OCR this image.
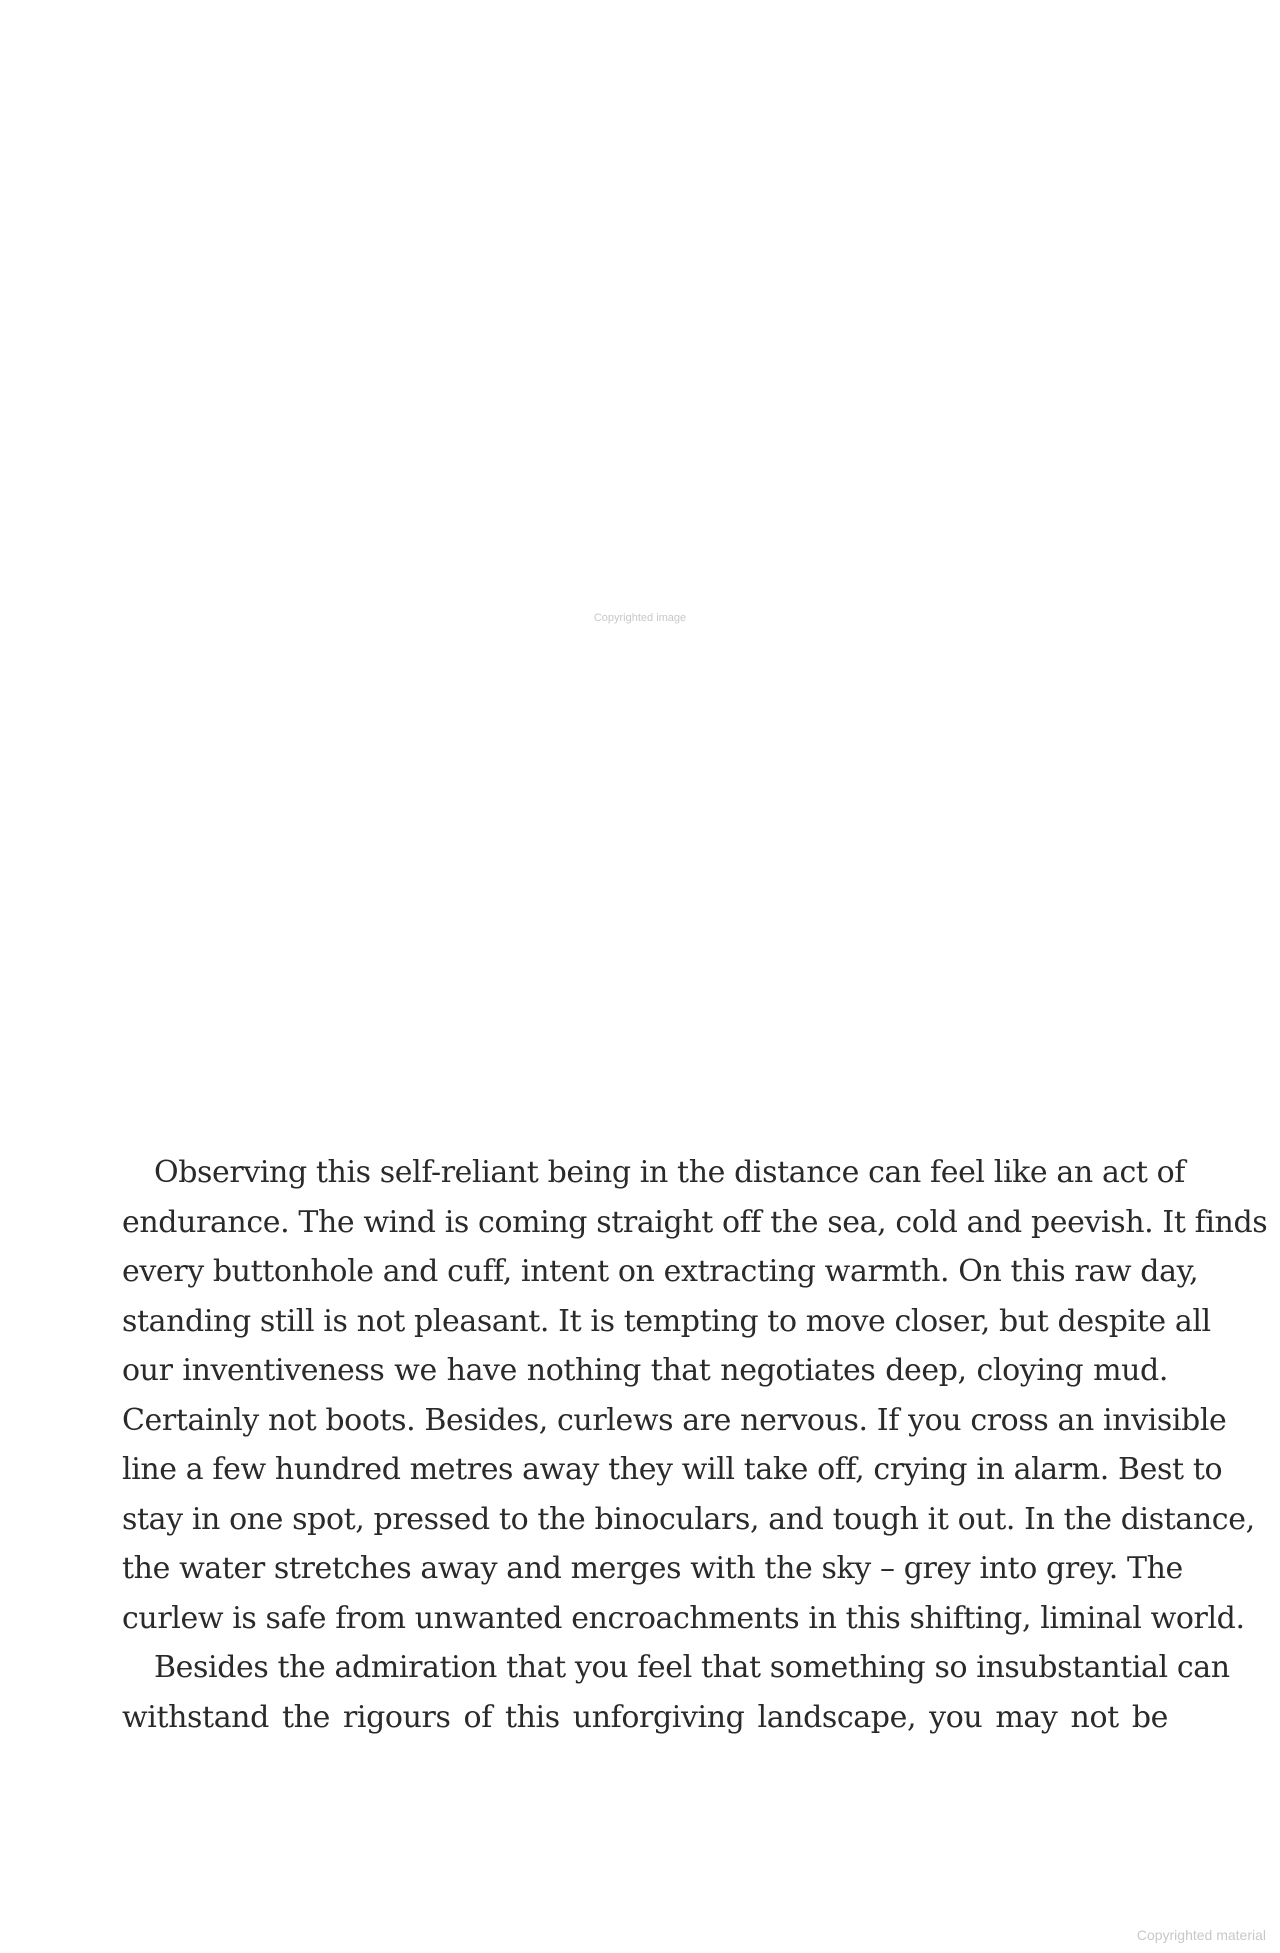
Copyrighted image
Observing this self-reliant being in the distance can feel like an act of
endurance. The wind is coming straight off the sea, cold and peevish. It finds
every buttonhole and cuff, intent on extracting warmth. On this raw day,
standing still is not pleasant. It is tempting to move closer, but despite all
our inventiveness we have nothing that negotiates deep, cloying mud.
Certainly not boots. Besides, curlews are nervous. If you cross an invisible
line a few hundred metres away they will take off, crying in alarm. Best to
stay in one spot, pressed to the binoculars, and tough it out. In the distance,
the water stretches away and merges with the sky – grey into grey. The
curlew is safe from unwanted encroachments in this shifting, liminal world.
Besides the admiration that you feel that something so insubstantial can
withstand the rigours of this unforgiving landscape, you may not be
Copyrighted material
